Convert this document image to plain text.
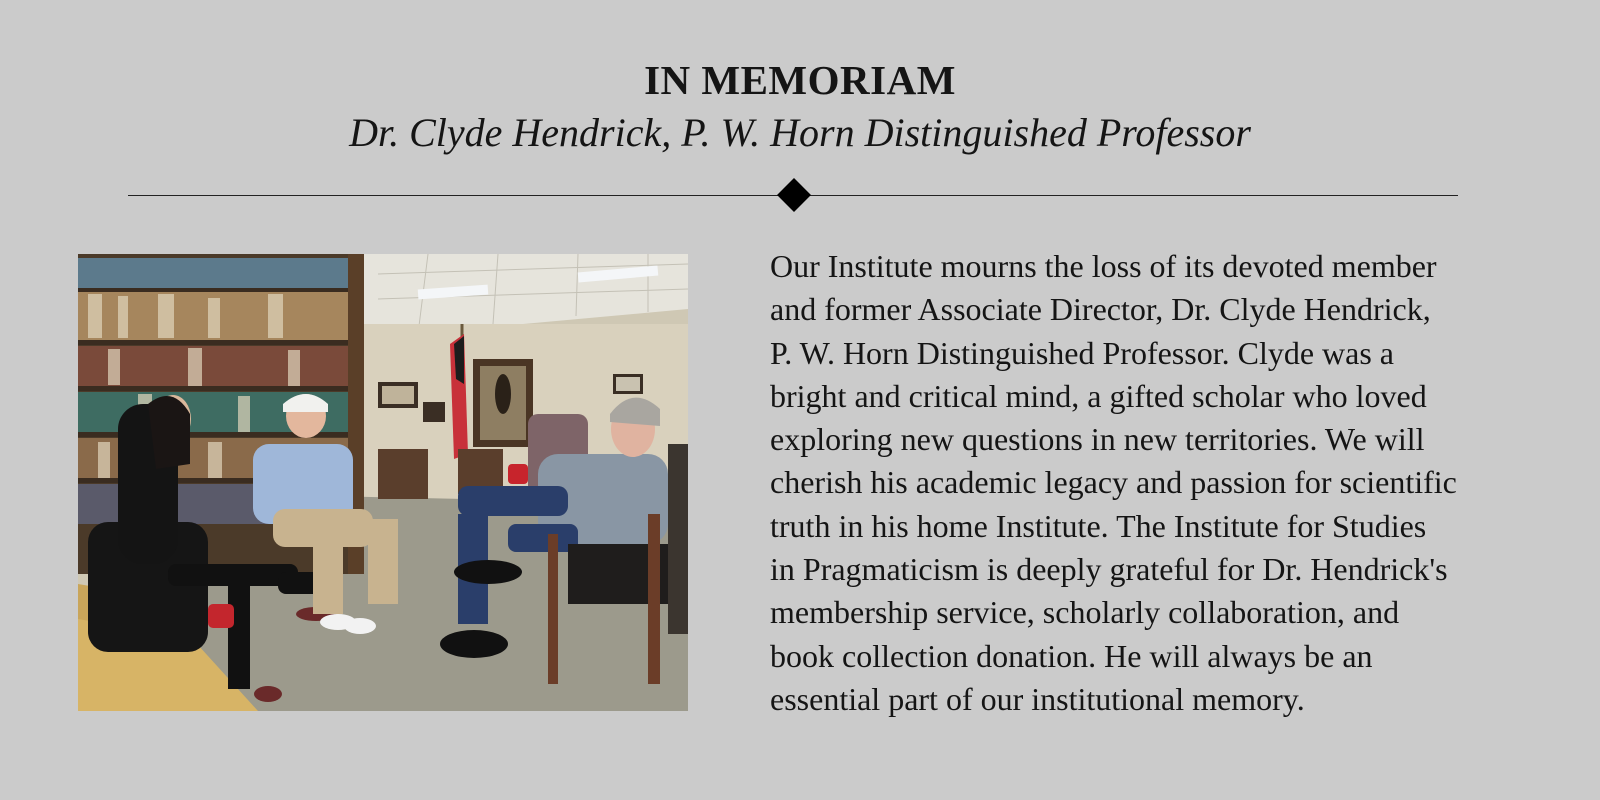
IN MEMORIAM
Dr. Clyde Hendrick, P. W. Horn Distinguished Professor
Our Institute mourns the loss of its devoted member
and former Associate Director, Dr. Clyde Hendrick,
P. W. Horn Distinguished Professor. Clyde was a
bright and critical mind, a gifted scholar who loved
exploring new questions in new territories. We will
cherish his academic legacy and passion for scientific
truth in his home Institute. The Institute for Studies
in Pragmaticism is deeply grateful for Dr. Hendrick's
membership service, scholarly collaboration, and
book collection donation. He will always be an
essential part of our institutional memory.
